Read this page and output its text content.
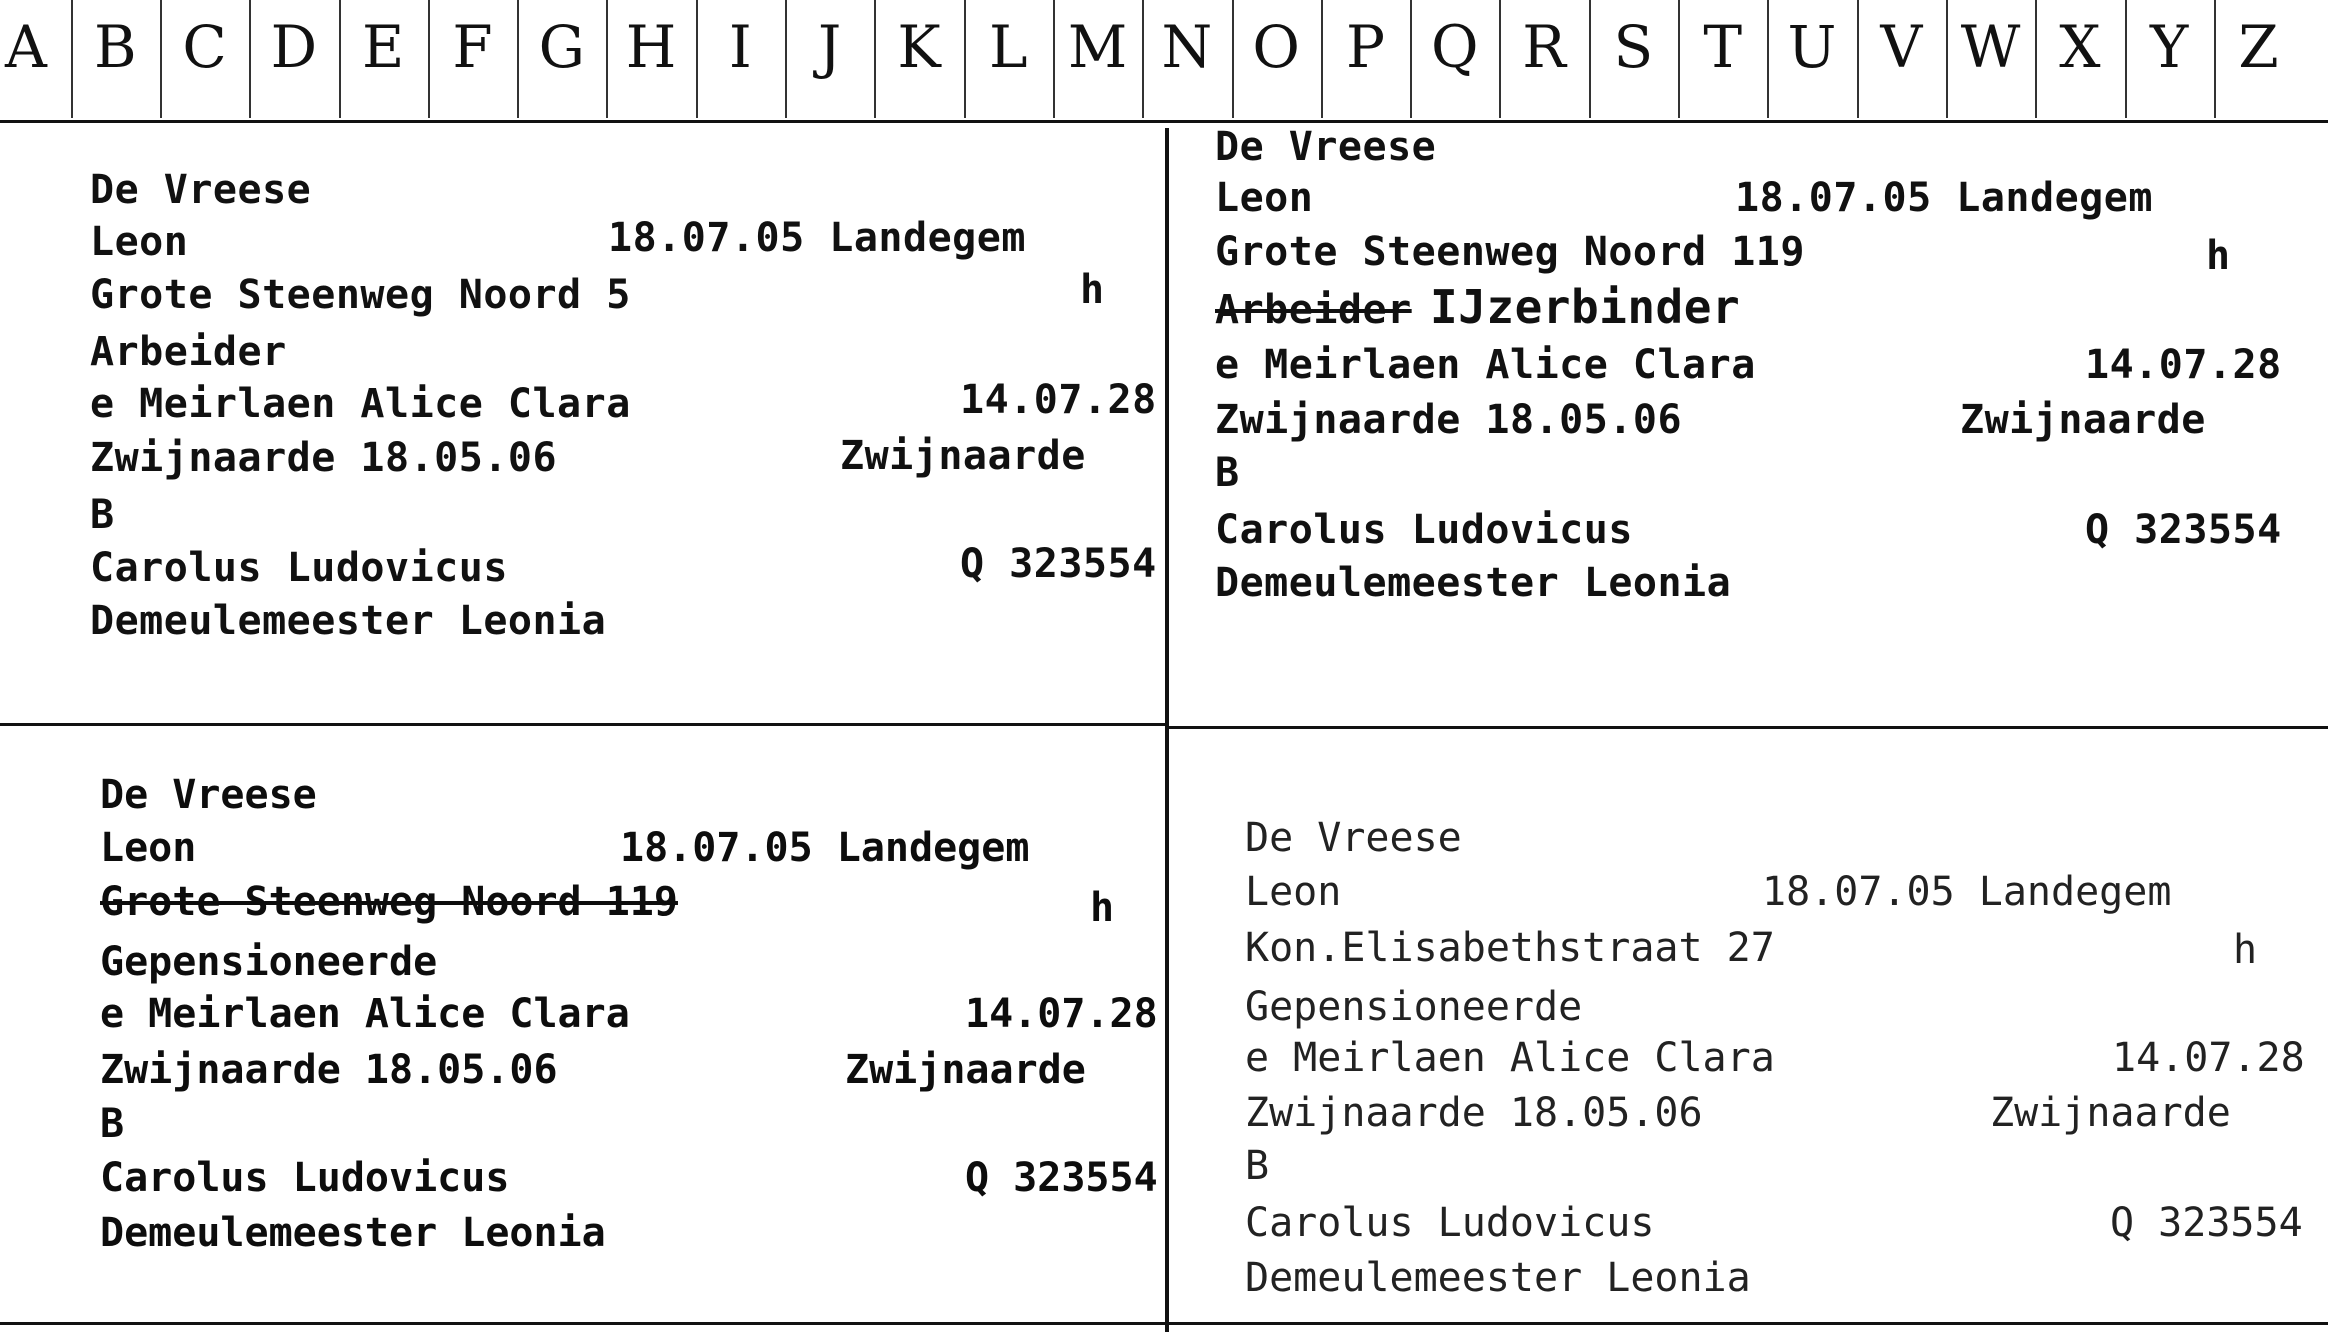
A B C D E F G H I	J K L M N O P Q R S T U V W X Y Z
De Vreese
Leon	18.07.05 Landegem
Grote Steenweg Noord 5	h
Arbeider
e Meirlaen Alice Clara	14.07.28
Zwijnaarde 18.05.06	Zwijnaarde
B
Carolus Ludovicus	Q 323554
Demeulemeester Leonia
De Vreese
Leon	18.07.05 Landegem
Grote Steenweg Noord 119	h
Arbeider IJzerbinder
e Meirlaen Alice Clara	14.07.28
Zwijnaarde 18.05.06	Zwijnaarde
B
Carolus Ludovicus	Q 323554
Demeulemeester Leonia
De Vreese
Leon	18.07.05 Landegem
Grote Steenweg Noord 119	h
Gepensioneerde
e Meirlaen Alice Clara	14.07.28
Zwijnaarde 18.05.06	Zwijnaarde
B
Carolus Ludovicus	Q 323554
Demeulemeester Leonia
De Vreese
Leon	18.07.05 Landegem
Kon.Elisabethstraat 27	h
Gepensioneerde
e Meirlaen Alice Clara	14.07.28
Zwijnaarde 18.05.06	Zwijnaarde
B
Carolus Ludovicus	Q 323554
Demeulemeester Leonia
